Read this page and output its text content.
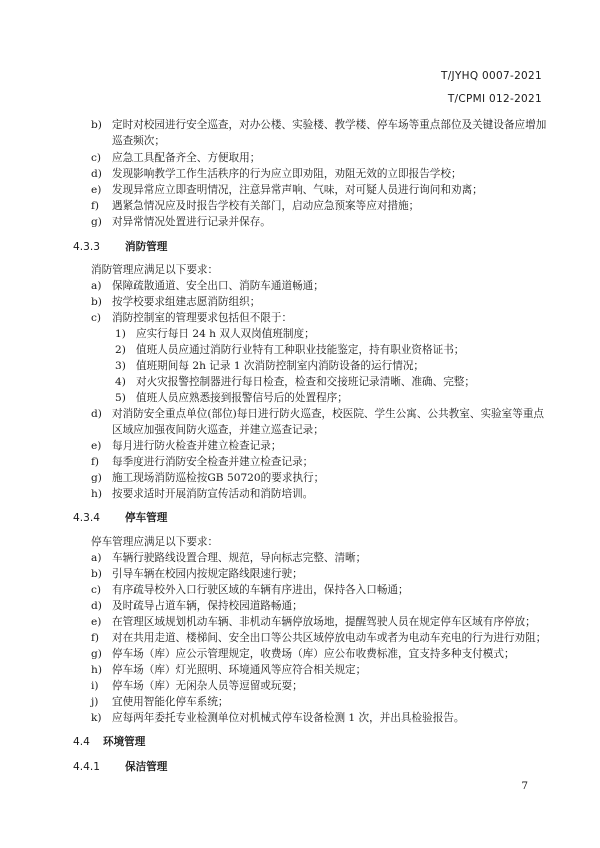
T/JYHQ 0007-2021
T/CPMI 012-2021
b) 定时对校园进行安全巡查，对办公楼、实验楼、教学楼、停车场等重点部位及关键设备应增加
巡查频次；
c) 应急工具配备齐全、方便取用；
d) 发现影响教学工作生活秩序的行为应立即劝阻，劝阻无效的立即报告学校；
e) 发现异常应立即查明情况，注意异常声响、气味，对可疑人员进行询问和劝离；
f) 遇紧急情况应及时报告学校有关部门，启动应急预案等应对措施；
g) 对异常情况处置进行记录并保存。
4.3.3 消防管理
消防管理应满足以下要求：
a) 保障疏散通道、安全出口、消防车通道畅通；
b) 按学校要求组建志愿消防组织；
c) 消防控制室的管理要求包括但不限于：
1) 应实行每日 24 h 双人双岗值班制度；
2) 值班人员应通过消防行业特有工种职业技能鉴定，持有职业资格证书；
3) 值班期间每 2h 记录 1 次消防控制室内消防设备的运行情况；
4) 对火灾报警控制器进行每日检查，检查和交接班记录清晰、准确、完整；
5) 值班人员应熟悉接到报警信号后的处置程序；
d) 对消防安全重点单位(部位)每日进行防火巡查，校医院、学生公寓、公共教室、实验室等重点
区域应加强夜间防火巡查，并建立巡查记录；
e) 每月进行防火检查并建立检查记录；
f) 每季度进行消防安全检查并建立检查记录；
g) 施工现场消防巡检按GB 50720的要求执行；
h) 按要求适时开展消防宣传活动和消防培训。
4.3.4 停车管理
停车管理应满足以下要求：
a) 车辆行驶路线设置合理、规范，导向标志完整、清晰；
b) 引导车辆在校园内按规定路线限速行驶；
c) 有序疏导校外入口行驶区域的车辆有序进出，保持各入口畅通；
d) 及时疏导占道车辆，保持校园道路畅通；
e) 在管理区域规划机动车辆、非机动车辆停放场地，提醒驾驶人员在规定停车区域有序停放；
f) 对在共用走道、楼梯间、安全出口等公共区域停放电动车或者为电动车充电的行为进行劝阻；
g) 停车场（库）应公示管理规定，收费场（库）应公布收费标准，宜支持多种支付模式；
h) 停车场（库）灯光照明、环境通风等应符合相关规定；
i) 停车场（库）无闲杂人员等逗留或玩耍；
j) 宜使用智能化停车系统；
k) 应每两年委托专业检测单位对机械式停车设备检测 1 次，并出具检验报告。
4.4 环境管理
4.4.1 保洁管理
7
